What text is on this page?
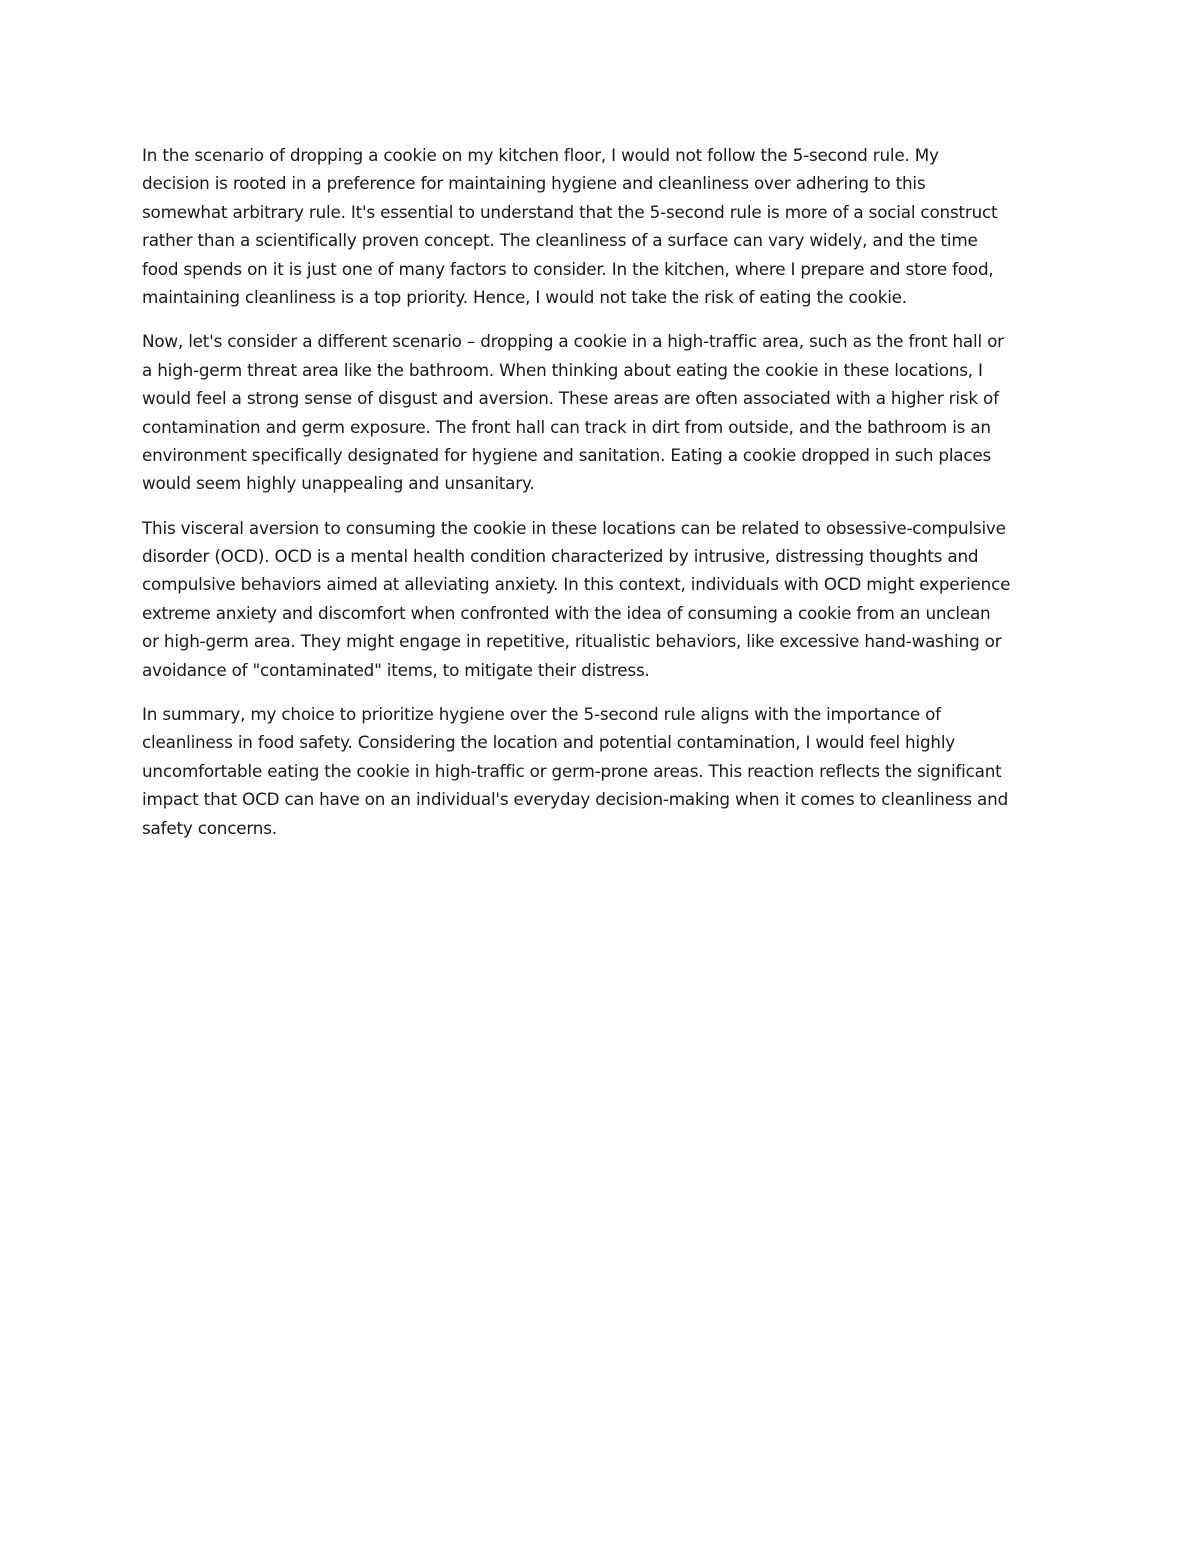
In the scenario of dropping a cookie on my kitchen floor, I would not follow the 5-second rule. My
decision is rooted in a preference for maintaining hygiene and cleanliness over adhering to this
somewhat arbitrary rule. It's essential to understand that the 5-second rule is more of a social construct
rather than a scientifically proven concept. The cleanliness of a surface can vary widely, and the time
food spends on it is just one of many factors to consider. In the kitchen, where I prepare and store food,
maintaining cleanliness is a top priority. Hence, I would not take the risk of eating the cookie.

Now, let's consider a different scenario – dropping a cookie in a high-traffic area, such as the front hall or
a high-germ threat area like the bathroom. When thinking about eating the cookie in these locations, I
would feel a strong sense of disgust and aversion. These areas are often associated with a higher risk of
contamination and germ exposure. The front hall can track in dirt from outside, and the bathroom is an
environment specifically designated for hygiene and sanitation. Eating a cookie dropped in such places
would seem highly unappealing and unsanitary.

This visceral aversion to consuming the cookie in these locations can be related to obsessive-compulsive
disorder (OCD). OCD is a mental health condition characterized by intrusive, distressing thoughts and
compulsive behaviors aimed at alleviating anxiety. In this context, individuals with OCD might experience
extreme anxiety and discomfort when confronted with the idea of consuming a cookie from an unclean
or high-germ area. They might engage in repetitive, ritualistic behaviors, like excessive hand-washing or
avoidance of "contaminated" items, to mitigate their distress.

In summary, my choice to prioritize hygiene over the 5-second rule aligns with the importance of
cleanliness in food safety. Considering the location and potential contamination, I would feel highly
uncomfortable eating the cookie in high-traffic or germ-prone areas. This reaction reflects the significant
impact that OCD can have on an individual's everyday decision-making when it comes to cleanliness and
safety concerns.
